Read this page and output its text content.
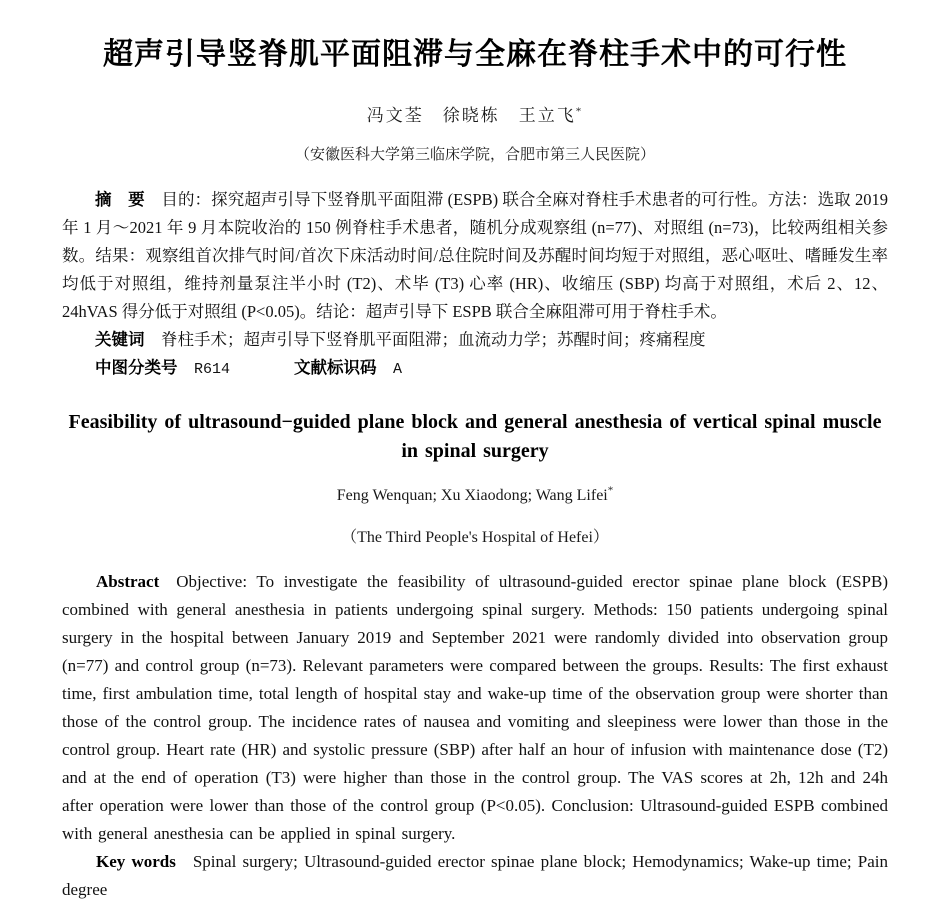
超声引导竖脊肌平面阻滞与全麻在脊柱手术中的可行性
冯文荃　徐晓栋　王立飞*
（安徽医科大学第三临床学院，合肥市第三人民医院）

摘　要 目的：探究超声引导下竖脊肌平面阻滞 (ESPB) 联合全麻对脊柱手术患者的可行性。方法：选取 2019 年 1 月～2021 年 9 月本院收治的 150 例脊柱手术患者，随机分成观察组 (n=77)、对照组 (n=73)，比较两组相关参数。结果：观察组首次排气时间/首次下床活动时间/总住院时间及苏醒时间均短于对照组，恶心呕吐、嗜睡发生率均低于对照组，维持剂量泵注半小时 (T2)、术毕 (T3) 心率 (HR)、收缩压 (SBP) 均高于对照组，术后 2、12、24hVAS 得分低于对照组 (P<0.05)。结论：超声引导下 ESPB 联合全麻阻滞可用于脊柱手术。

关键词 脊柱手术；超声引导下竖脊肌平面阻滞；血流动力学；苏醒时间；疼痛程度

中图分类号 R614	文献标识码 A

Feasibility of ultrasound−guided plane block and general anesthesia of vertical spinal muscle in spinal surgery
Feng Wenquan; Xu Xiaodong; Wang Lifei*
（The Third People's Hospital of Hefei）

Abstract Objective: To investigate the feasibility of ultrasound-guided erector spinae plane block (ESPB) combined with general anesthesia in patients undergoing spinal surgery. Methods: 150 patients undergoing spinal surgery in the hospital between January 2019 and September 2021 were randomly divided into observation group (n=77) and control group (n=73). Relevant parameters were compared between the groups. Results: The first exhaust time, first ambulation time, total length of hospital stay and wake-up time of the observation group were shorter than those of the control group. The incidence rates of nausea and vomiting and sleepiness were lower than those in the control group. Heart rate (HR) and systolic pressure (SBP) after half an hour of infusion with maintenance dose (T2) and at the end of operation (T3) were higher than those in the control group. The VAS scores at 2h, 12h and 24h after operation were lower than those of the control group (P<0.05). Conclusion: Ultrasound-guided ESPB combined with general anesthesia can be applied in spinal surgery.

Key words Spinal surgery; Ultrasound-guided erector spinae plane block; Hemodynamics; Wake-up time; Pain degree
